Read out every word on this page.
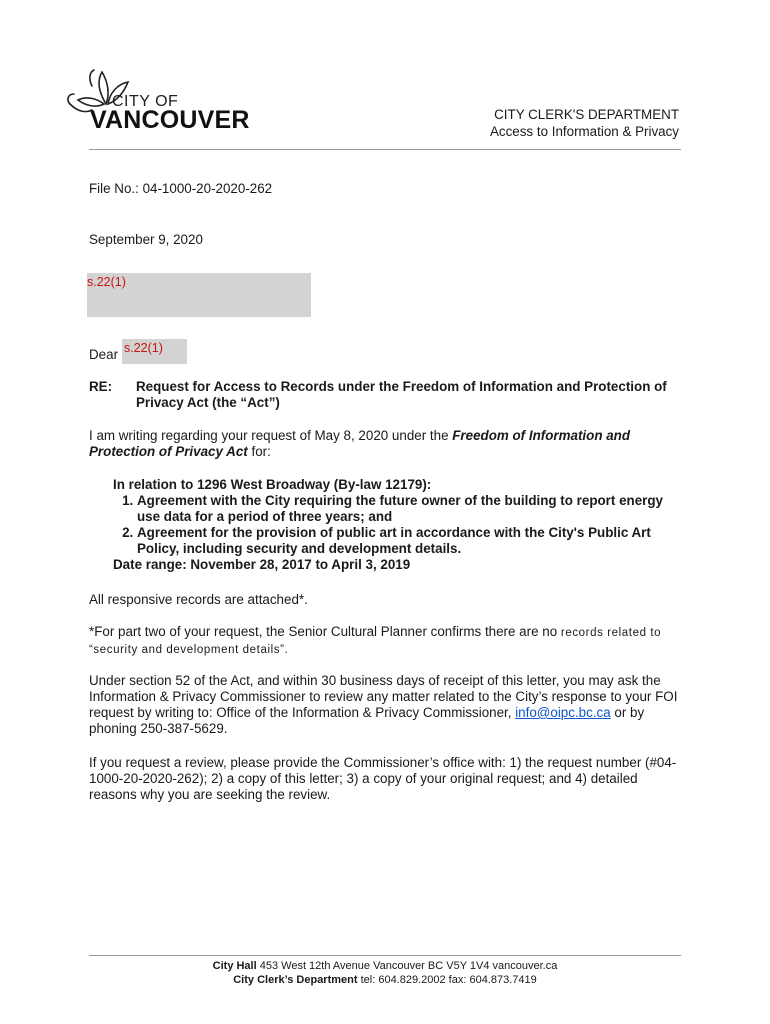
CITY OF
VANCOUVER	CITY CLERK'S DEPARTMENT
Access to Information & Privacy
File No.: 04-1000-20-2020-262
September 9, 2020
s.22(1)
Dear s.22(1)
RE: Request for Access to Records under the Freedom of Information and Protection of Privacy Act (the “Act”)
I am writing regarding your request of May 8, 2020 under the Freedom of Information and Protection of Privacy Act for:
In relation to 1296 West Broadway (By-law 12179):
1. Agreement with the City requiring the future owner of the building to report energy use data for a period of three years; and
2. Agreement for the provision of public art in accordance with the City's Public Art Policy, including security and development details.
Date range: November 28, 2017 to April 3, 2019
All responsive records are attached*.
*For part two of your request, the Senior Cultural Planner confirms there are no records related to “security and development details”.
Under section 52 of the Act, and within 30 business days of receipt of this letter, you may ask the Information & Privacy Commissioner to review any matter related to the City’s response to your FOI request by writing to: Office of the Information & Privacy Commissioner, info@oipc.bc.ca or by phoning 250-387-5629.
If you request a review, please provide the Commissioner’s office with: 1) the request number (#04-1000-20-2020-262); 2) a copy of this letter; 3) a copy of your original request; and 4) detailed reasons why you are seeking the review.
City Hall 453 West 12th Avenue Vancouver BC V5Y 1V4 vancouver.ca
City Clerk’s Department tel: 604.829.2002 fax: 604.873.7419
